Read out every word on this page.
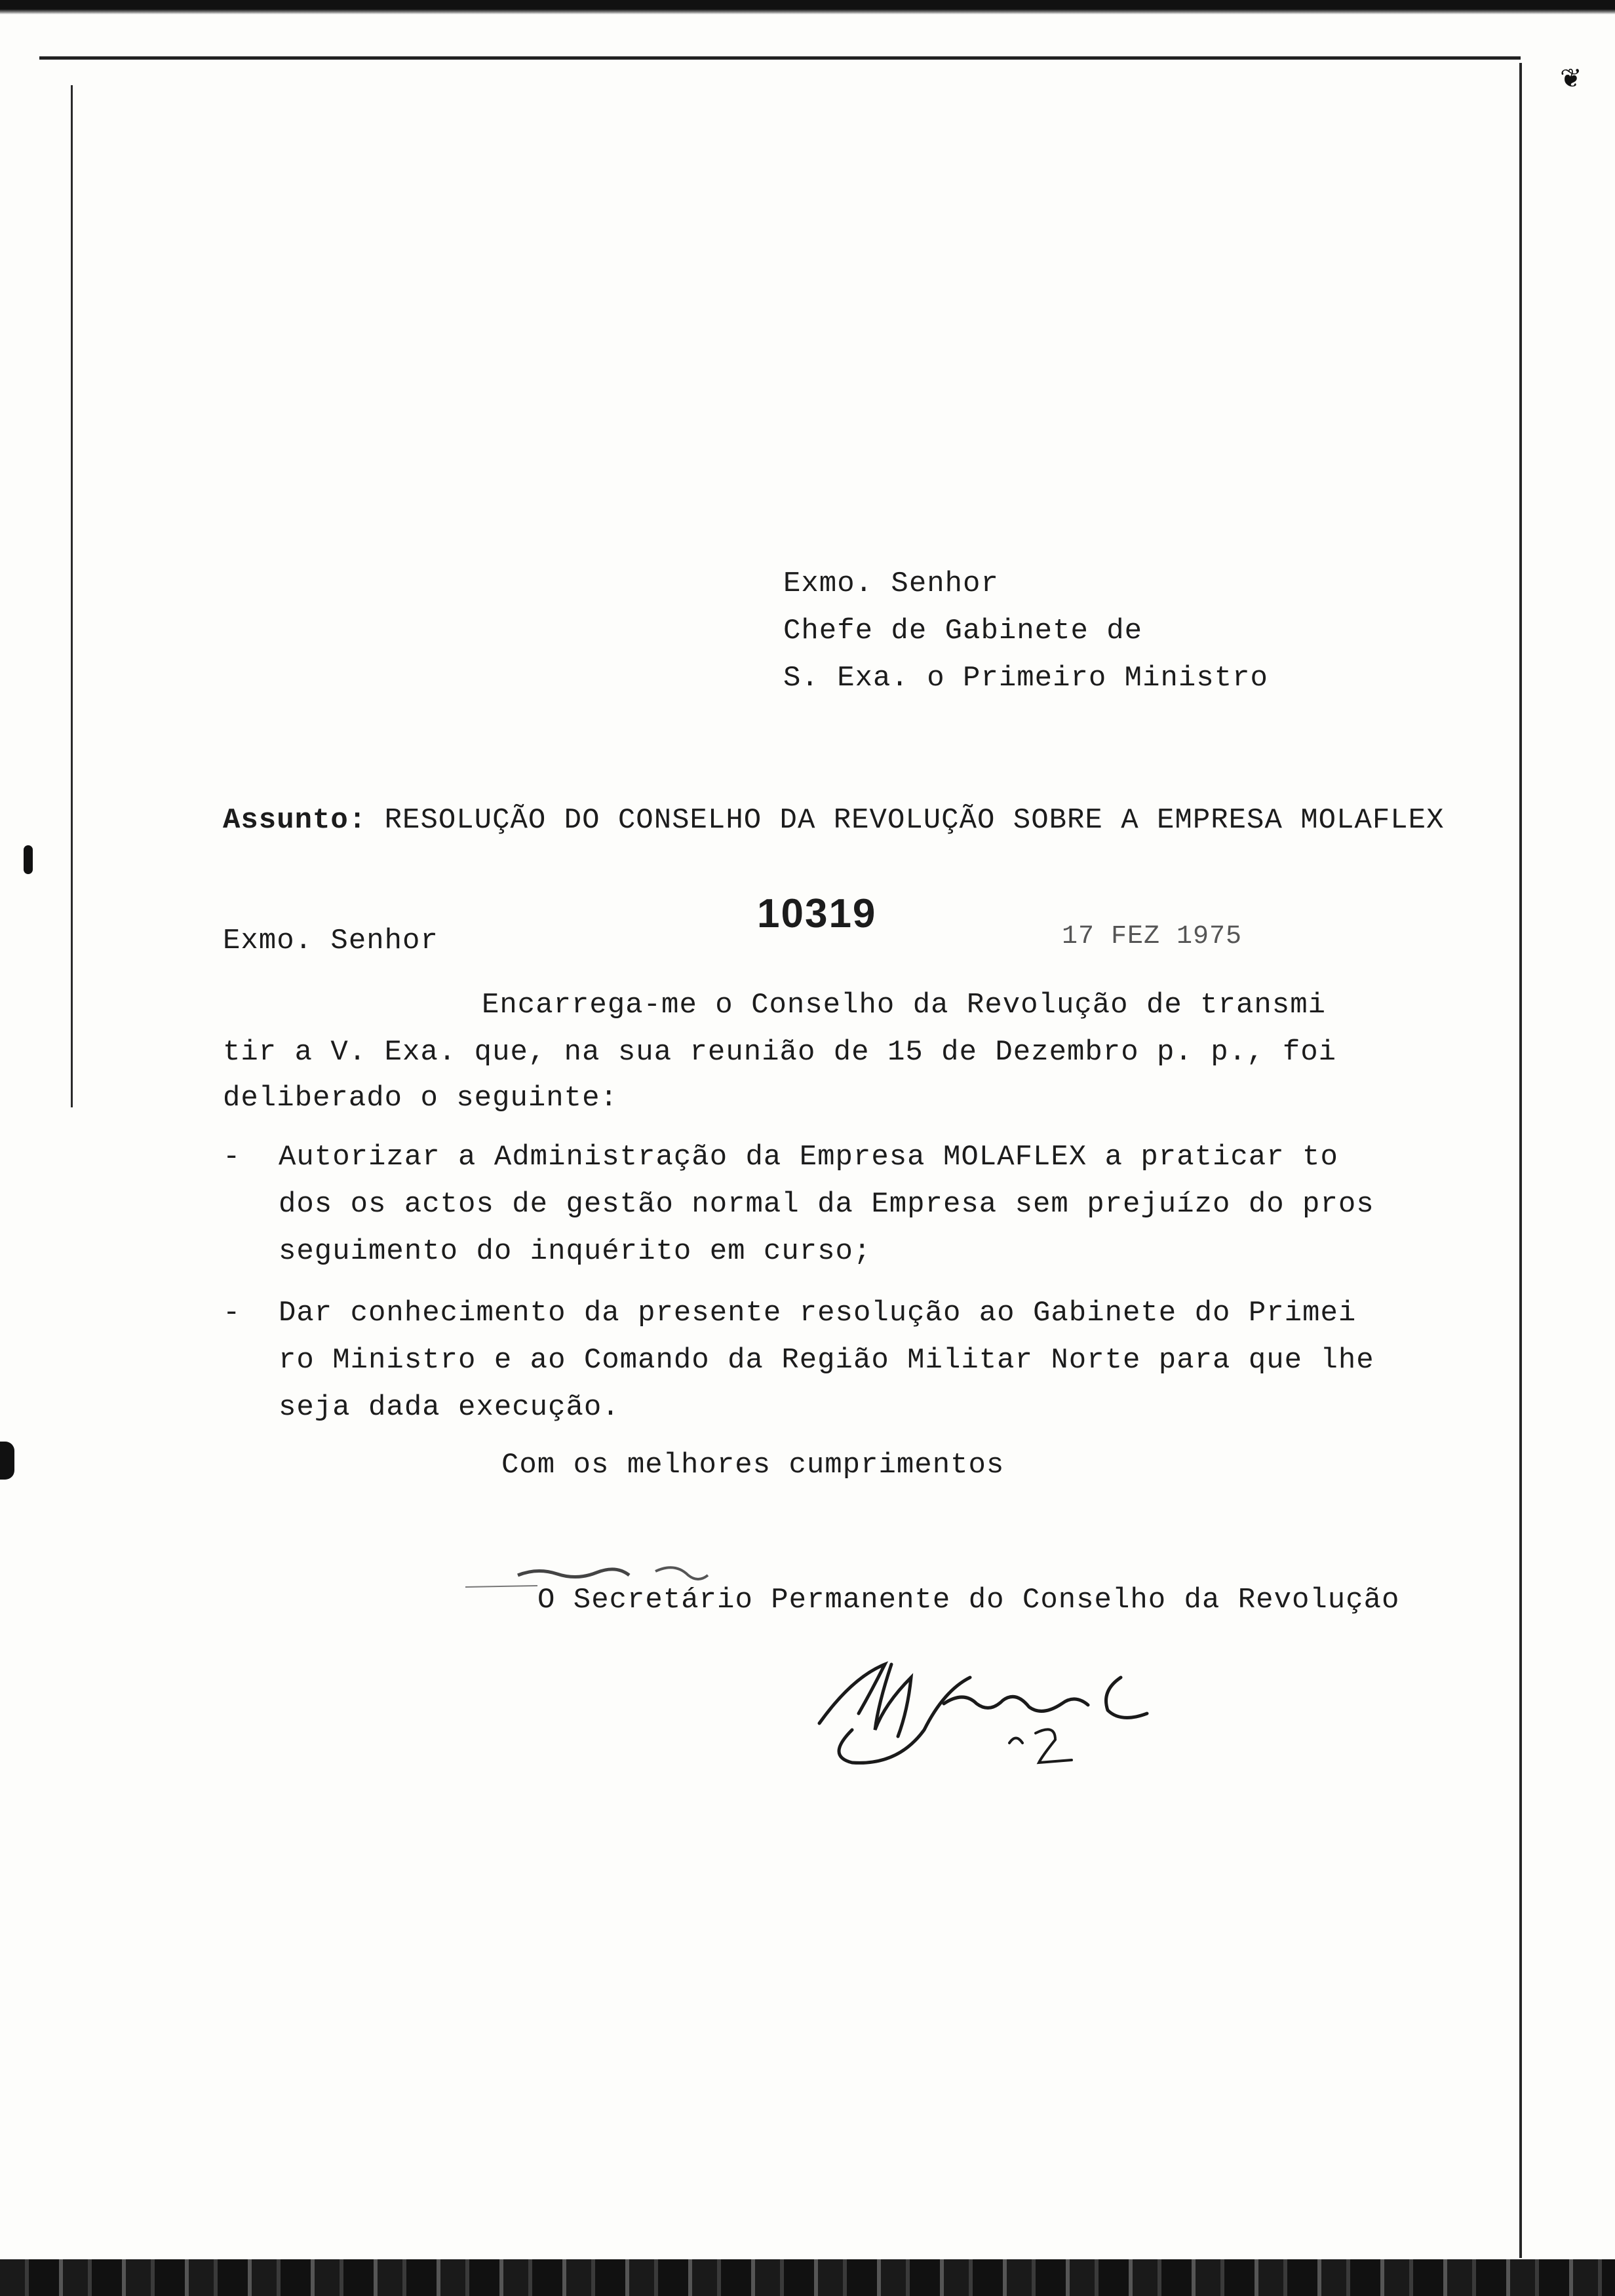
❦
Exmo. Senhor
Chefe de Gabinete de
S. Exa. o Primeiro Ministro
Assunto: RESOLUÇÃO DO CONSELHO DA REVOLUÇÃO SOBRE A EMPRESA MOLAFLEX
10319
17 FEZ 1975
Exmo. Senhor
Encarrega-me o Conselho da Revolução de transmi
tir a V. Exa. que, na sua reunião de 15 de Dezembro p. p., foi
deliberado o seguinte:
- Autorizar a Administração da Empresa MOLAFLEX a praticar to
dos os actos de gestão normal da Empresa sem prejuízo do pros
seguimento do inquérito em curso;
- Dar conhecimento da presente resolução ao Gabinete do Primei
ro Ministro e ao Comando da Região Militar Norte para que lhe
seja dada execução.
Com os melhores cumprimentos
O Secretário Permanente do Conselho da Revolução
